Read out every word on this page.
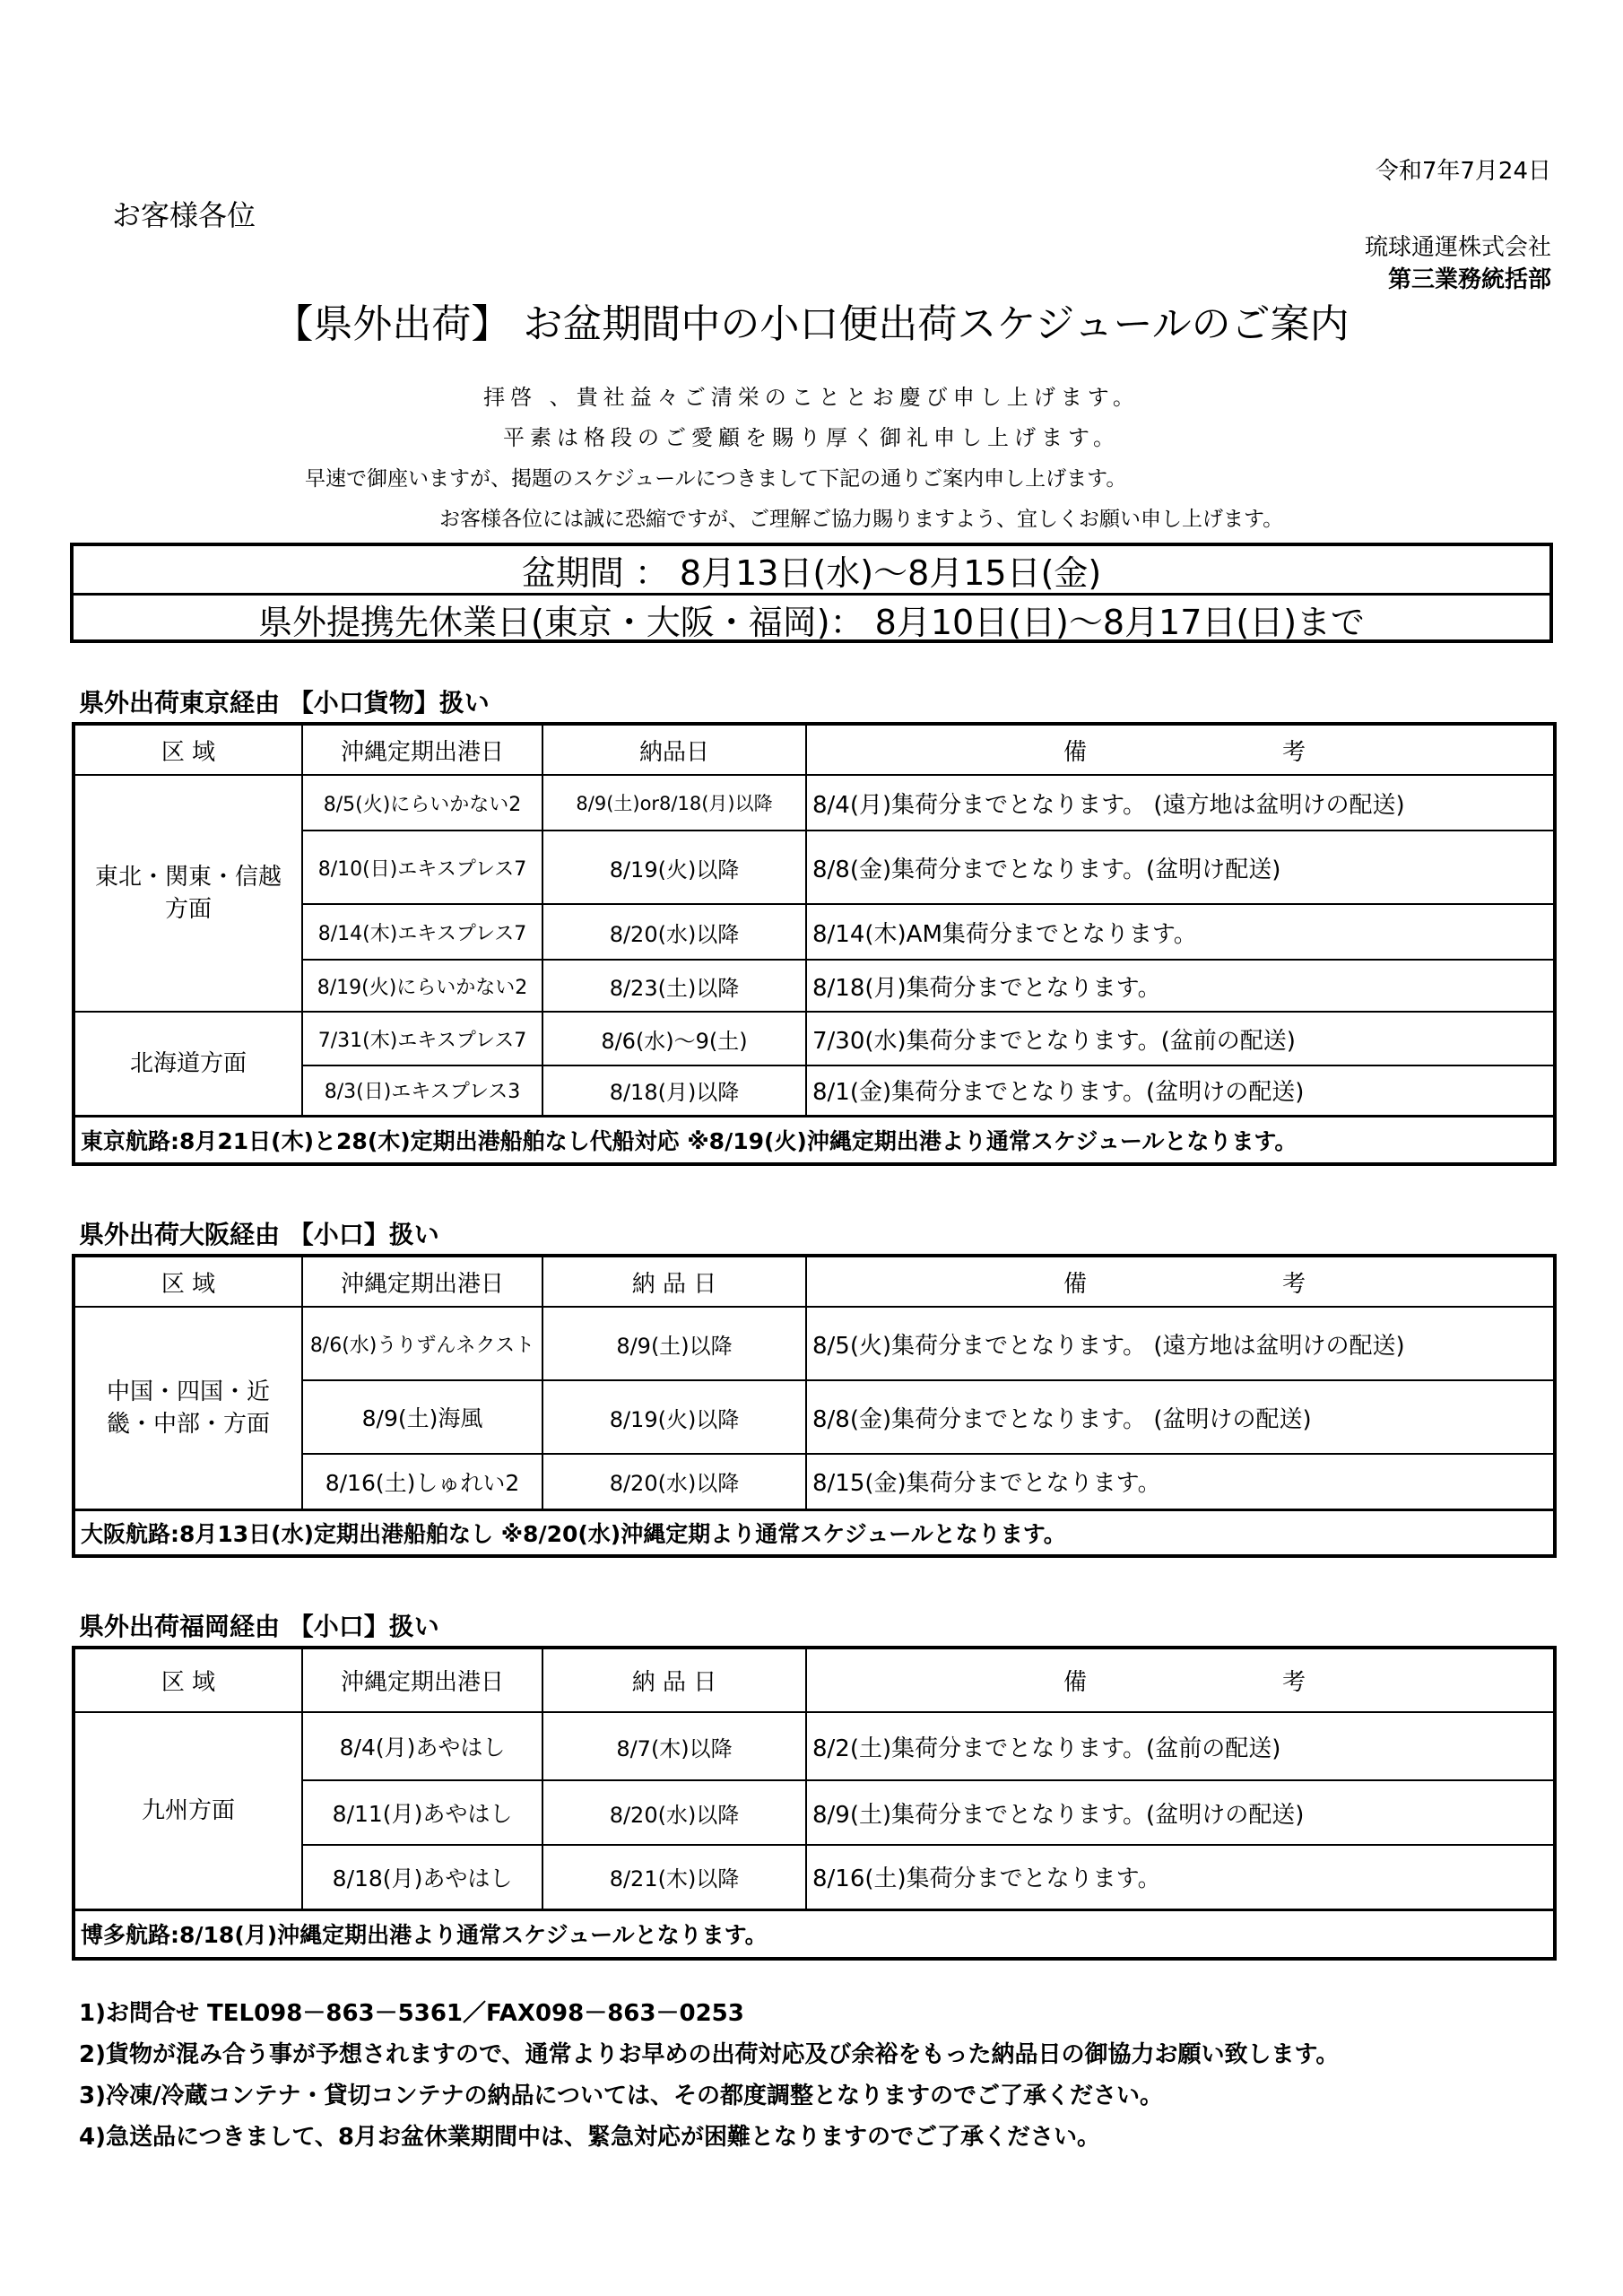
令和7年7月24日
お客様各位
琉球通運株式会社
第三業務統括部
【県外出荷】 お盆期間中の小口便出荷スケジュールのご案内
拝啓 、貴社益々ご清栄のこととお慶び申し上げます。
平素は格段のご愛顧を賜り厚く御礼申し上げます。
早速で御座いますが、掲題のスケジュールにつきまして下記の通りご案内申し上げます。
お客様各位には誠に恐縮ですが、ご理解ご協力賜りますよう、宜しくお願い申し上げます。
盆期間 ： 8月13日(水)～8月15日(金)
県外提携先休業日(東京・大阪・福岡)： 8月10日(日)～8月17日(日)まで
県外出荷東京経由 【小口貨物】扱い
区 域	沖縄定期出港日	納品日	備 考

東北・関東・信越方面	8/5(火)にらいかない2	8/9(土)or8/18(月)以降	8/4(月)集荷分までとなります。 (遠方地は盆明けの配送)
	8/10(日)エキスプレス7	8/19(火)以降	8/8(金)集荷分までとなります。(盆明け配送)
	8/14(木)エキスプレス7	8/20(水)以降	8/14(木)AM集荷分までとなります。
	8/19(火)にらいかない2	8/23(土)以降	8/18(月)集荷分までとなります。
北海道方面	7/31(木)エキスプレス7	8/6(水)～9(土)	7/30(水)集荷分までとなります。(盆前の配送)
	8/3(日)エキスプレス3	8/18(月)以降	8/1(金)集荷分までとなります。(盆明けの配送)
東京航路:8月21日(木)と28(木)定期出港船舶なし代船対応 ※8/19(火)沖縄定期出港より通常スケジュールとなります。			
県外出荷大阪経由 【小口】扱い
区 域	沖縄定期出港日	納 品 日	備 考

中国・四国・近畿・中部・方面	8/6(水)うりずんネクスト	8/9(土)以降	8/5(火)集荷分までとなります。 (遠方地は盆明けの配送)
	8/9(土)海風	8/19(火)以降	8/8(金)集荷分までとなります。 (盆明けの配送)
	8/16(土)しゅれい2	8/20(水)以降	8/15(金)集荷分までとなります。
大阪航路:8月13日(水)定期出港船舶なし ※8/20(水)沖縄定期より通常スケジュールとなります。			
県外出荷福岡経由 【小口】扱い
区 域	沖縄定期出港日	納 品 日	備 考

九州方面	8/4(月)あやはし	8/7(木)以降	8/2(土)集荷分までとなります。(盆前の配送)
	8/11(月)あやはし	8/20(水)以降	8/9(土)集荷分までとなります。(盆明けの配送)
	8/18(月)あやはし	8/21(木)以降	8/16(土)集荷分までとなります。
博多航路:8/18(月)沖縄定期出港より通常スケジュールとなります。			
1)お問合せ TEL098－863－5361／FAX098－863－0253
2)貨物が混み合う事が予想されますので、通常よりお早めの出荷対応及び余裕をもった納品日の御協力お願い致します。
3)冷凍/冷蔵コンテナ・貸切コンテナの納品については、その都度調整となりますのでご了承ください。
4)急送品につきまして、8月お盆休業期間中は、緊急対応が困難となりますのでご了承ください。
